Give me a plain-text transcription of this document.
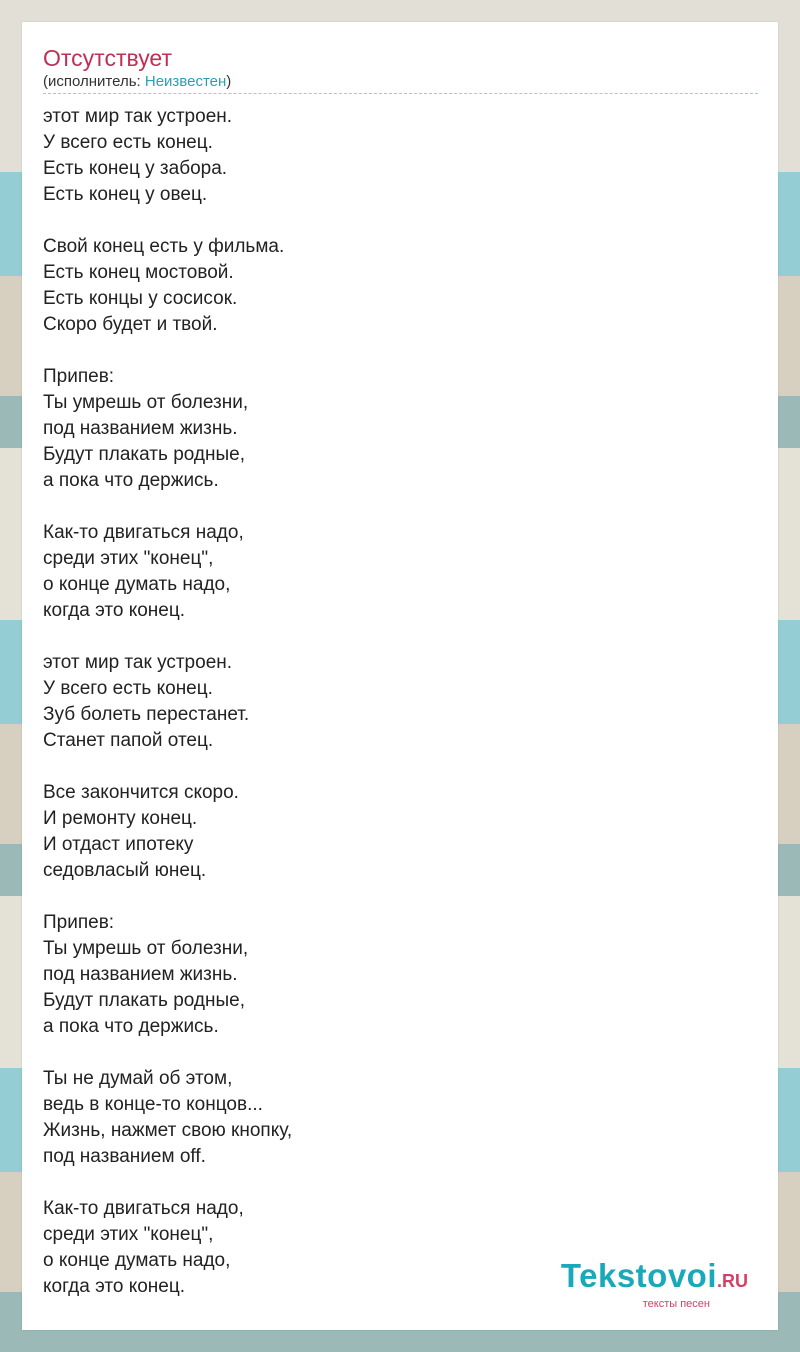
Отсутствует
(исполнитель: Неизвестен)
этот мир так устроен.
У всего есть конец.
Есть конец у забора.
Есть конец у овец.
Свой конец есть у фильма.
Есть конец мостовой.
Есть концы у сосисок.
Скоро будет и твой.
Припев:
Ты умрешь от болезни,
под названием жизнь.
Будут плакать родные,
а пока что держись.
Как-то двигаться надо,
среди этих "конец",
о конце думать надо,
когда это конец.
этот мир так устроен.
У всего есть конец.
Зуб болеть перестанет.
Станет папой отец.
Все закончится скоро.
И ремонту конец.
И отдаст ипотеку
седовласый юнец.
Припев:
Ты умрешь от болезни,
под названием жизнь.
Будут плакать родные,
а пока что держись.
Ты не думай об этом,
ведь в конце-то концов...
Жизнь, нажмет свою кнопку,
под названием off.
Как-то двигаться надо,
среди этих "конец",
о конце думать надо,
когда это конец.	Tekstovoi.RU
тексты песен
